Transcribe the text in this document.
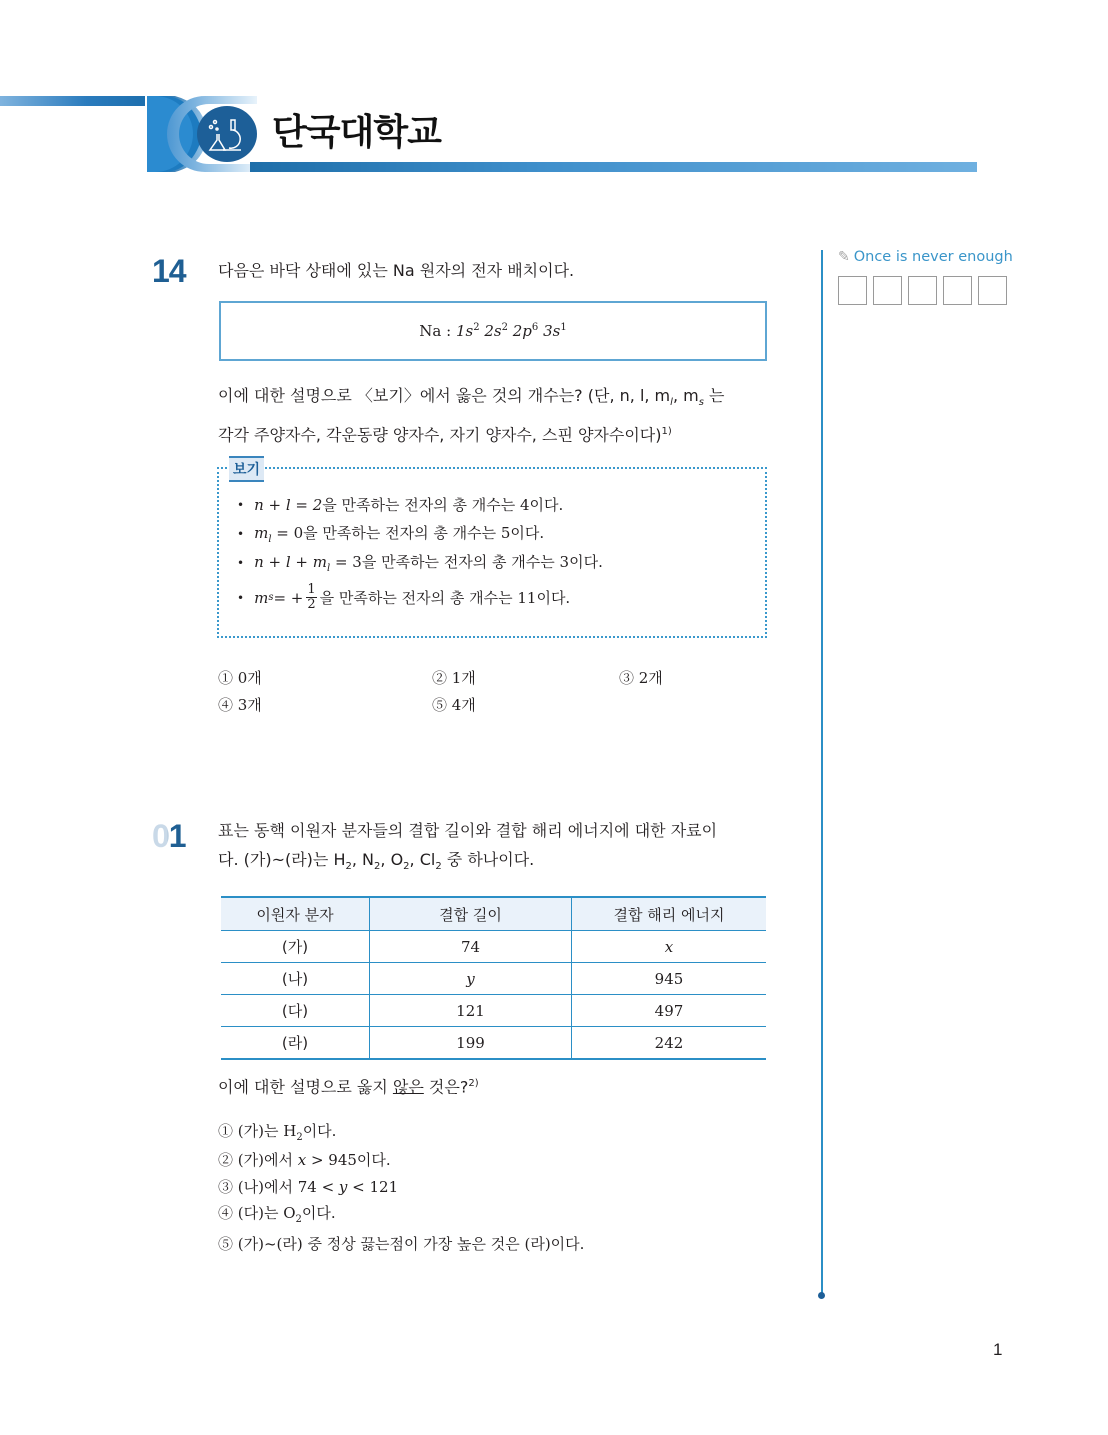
단국대학교
✎ Once is never enough
14 다음은 바닥 상태에 있는 Na 원자의 전자 배치이다.
Na : $1s^2$ $2s^2$ $2p^6$ $3s^1$
이에 대한 설명으로 〈보기〉에서 옳은 것의 개수는? (단, n, l, $m_l$, $m_s$ 는
각각 주양자수, 각운동량 양자수, 자기 양자수, 스핀 양자수이다)$^{1)}$
보기
• n + l = 2을 만족하는 전자의 총 개수는 4이다.
• $m_l = 0$을 만족하는 전자의 총 개수는 5이다.
• $n + l + m_l = 3$을 만족하는 전자의 총 개수는 3이다.
• m s = + $\frac{1}{2}$ 을 만족하는 전자의 총 개수는 11이다.
① 0개	② 1개	③ 2개
④ 3개	⑤ 4개
01 표는 동핵 이원자 분자들의 결합 길이와 결합 해리 에너지에 대한 자료이
다. (가)~(라)는 $H_2$, $N_2$, $O_2$, $Cl_2$ 중 하나이다.
이원자 분자	결합 길이	결합 해리 에너지
(가)	74	x
(나)	y	945
(다)	121	497
(라)	199	242
이에 대한 설명으로 옳지 않은 것은?$^{2)}$
① (가)는 $H_2$이다.
② (가)에서 x > 945이다.
③ (나)에서 74 < y < 121
④ (다)는 $O_2$이다.
⑤ (가)~(라) 중 정상 끓는점이 가장 높은 것은 (라)이다.
1
